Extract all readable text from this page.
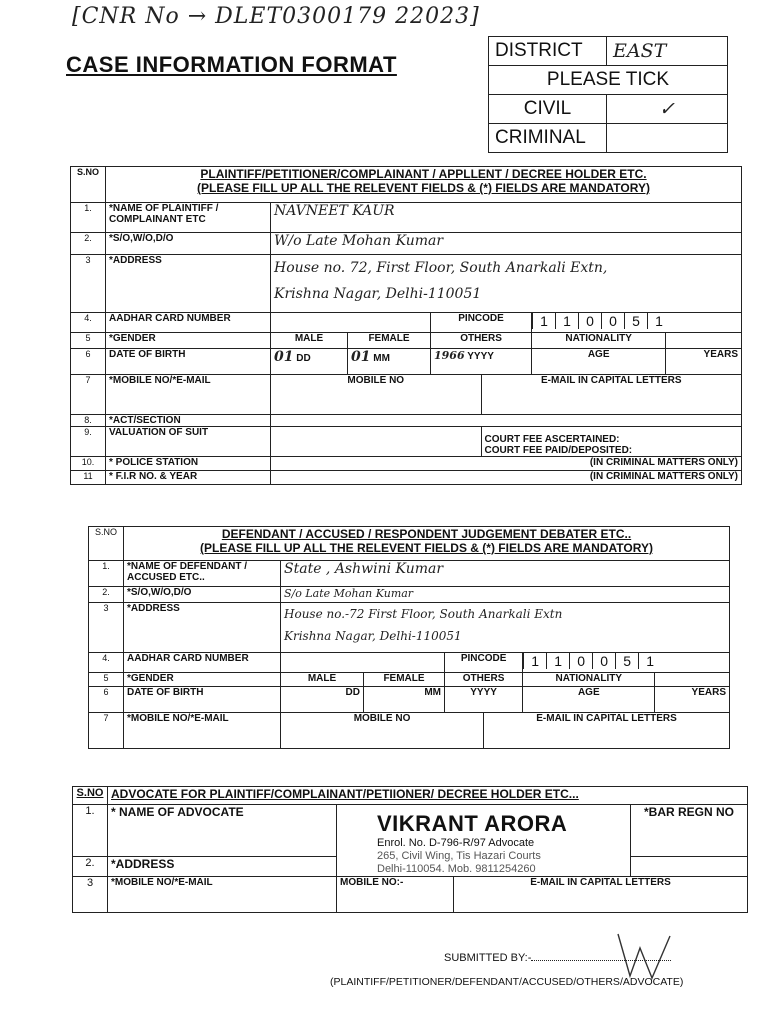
[CNR No → DLET0300179 22023]
CASE INFORMATION FORMAT
DISTRICT	EAST
PLEASE TICK	
CIVIL	✓
CRIMINAL	
S.NO	PLAINTIFF/PETITIONER/COMPLAINANT / APPLLENT / DECREE HOLDER ETC.
(PLEASE FILL UP ALL THE RELEVENT FIELDS & (*) FIELDS ARE MANDATORY)						

1.	*NAME OF PLAINTIFF / COMPLAINANT ETC	NAVNEET KAUR					
2.	*S/O,W/O,D/O	W/o Late Mohan Kumar					
3	*ADDRESS	House no. 72, First Floor, South Anarkali Extn,
Krishna Nagar, Delhi-110051					

4.	AADHAR CARD NUMBER			PINCODE		1 1 0 0 5 1	
5	*GENDER	MALE	FEMALE	OTHERS		NATIONALITY	
6	DATE OF BIRTH	01 DD	01 MM	1966 YYYY		AGE	YEARS
7	*MOBILE NO/*E-MAIL	MOBILE NO			E-MAIL IN CAPITAL LETTERS		
8.	*ACT/SECTION						
9.	VALUATION OF SUIT				COURT FEE ASCERTAINED:
COURT FEE PAID/DEPOSITED:		

10.	* POLICE STATION	(IN CRIMINAL MATTERS ONLY)					
11	* F.I.R NO. & YEAR	(IN CRIMINAL MATTERS ONLY)					
S.NO	DEFENDANT / ACCUSED / RESPONDENT JUDGEMENT DEBATER ETC..
(PLEASE FILL UP ALL THE RELEVENT FIELDS & (*) FIELDS ARE MANDATORY)						

1.	*NAME OF DEFENDANT / ACCUSED ETC..	State , Ashwini Kumar					
2.	*S/O,W/O,D/O	S/o Late Mohan Kumar					
3	*ADDRESS	House no.-72 First Floor, South Anarkali Extn
Krishna Nagar, Delhi-110051					

4.	AADHAR CARD NUMBER			PINCODE		1 1 0 0 5 1	
5	*GENDER	MALE	FEMALE	OTHERS		NATIONALITY	
6	DATE OF BIRTH	DD	MM	YYYY		AGE	YEARS
7	*MOBILE NO/*E-MAIL	MOBILE NO			E-MAIL IN CAPITAL LETTERS		
S.NO	ADVOCATE FOR PLAINTIFF/COMPLAINANT/PETIIONER/ DECREE HOLDER ETC...			
1.	* NAME OF ADVOCATE	VIKRANT ARORA
Enrol. No. D-796-R/97 Advocate
265, Civil Wing, Tis Hazari Courts
Delhi-110054. Mob. 9811254260		*BAR REGN NO
2.	*ADDRESS			
3	*MOBILE NO/*E-MAIL	MOBILE NO:-	E-MAIL IN CAPITAL LETTERS	
SUBMITTED BY:-
(PLAINTIFF/PETITIONER/DEFENDANT/ACCUSED/OTHERS/ADVOCATE)
